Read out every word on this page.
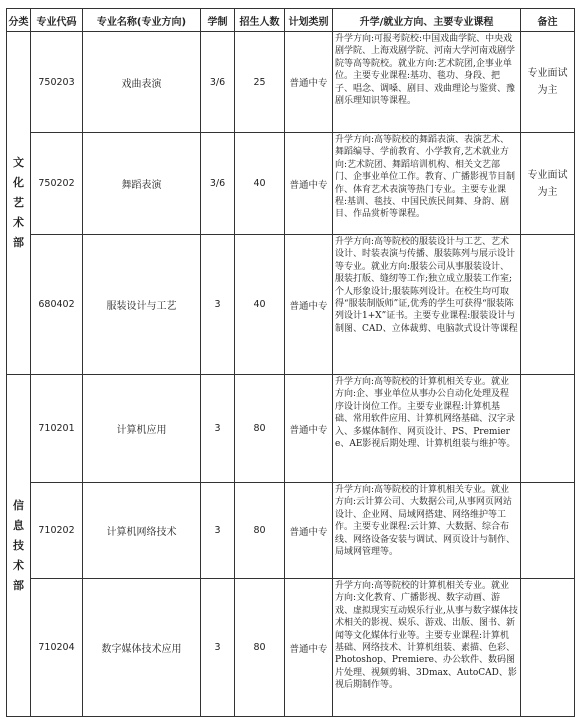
分类	专业代码	专业名称(专业方向)	学制	招生人数	计划类别	升学/就业方向、主要专业课程	备注

文
化
艺
术
部	750203	戏曲表演	3/6	25	普通中专	升学方向:可报考院校:中国戏曲学院、中央戏剧学院、上海戏剧学院、河南大学河南戏剧学院等高等院校。就业方向:艺术院团,企事业单位。主要专业课程:基功、毯功、身段、把子、唱念、调嗓、剧目、戏曲理论与鉴赏、豫剧乐理知识等课程。	专业面试为主
	750202	舞蹈表演	3/6	40	普通中专	升学方向:高等院校的舞蹈表演、表演艺术、舞蹈编导、学前教育、小学教育,艺术就业方向:艺术院团、舞蹈培训机构、相关文艺部门、企事业单位工作。教育、广播影视节目制作、体育艺术表演等热门专业。主要专业课程:基训、毯技、中国民族民间舞、身韵、剧目、作品赏析等课程。	专业面试为主
	680402	服装设计与工艺	3	40	普通中专	升学方向:高等院校的服装设计与工艺、艺术设计、时装表演与传播、服装陈列与展示设计等专业。就业方向:服装公司从事服装设计、服装打版、缝纫等工作;独立成立服装工作室;个人形象设计;服装陈列设计。在校生均可取得“服装制版师”证,优秀的学生可获得“服装陈列设计1+X”证书。主要专业课程:服装设计与制图、CAD、立体裁剪、电脑款式设计等课程	

信
息
技
术
部	710201	计算机应用	3	80	普通中专	升学方向:高等院校的计算机相关专业。就业方向:企、事业单位从事办公自动化处理及程序设计岗位工作。主要专业课程:计算机基础、常用软件应用、计算机网络基础、汉字录入、多媒体制作、网页设计、PS、Premiere、AE影视后期处理、计算机组装与维护等。	
	710202	计算机网络技术	3	80	普通中专	升学方向:高等院校的计算机相关专业。就业方向:云计算公司、大数据公司,从事网页网站设计、企业网、局域网搭建、网络维护等工作。主要专业课程:云计算、大数据、综合布线、网络设备安装与调试、网页设计与制作、局域网管理等。	
	710204	数字媒体技术应用	3	80	普通中专	升学方向:高等院校的计算机相关专业。就业方向:文化教育、广播影视、数字动画、游戏、虚拟现实互动娱乐行业,从事与数字媒体技术相关的影视、娱乐、游戏、出版、图书、新闻等文化媒体行业等。主要专业课程:计算机基础、网络技术、计算机组装、素描、色彩、Photoshop、Premiere、办公软件、数码图片处理、视频剪辑、3Dmax、AutoCAD、影视后期制作等。	
